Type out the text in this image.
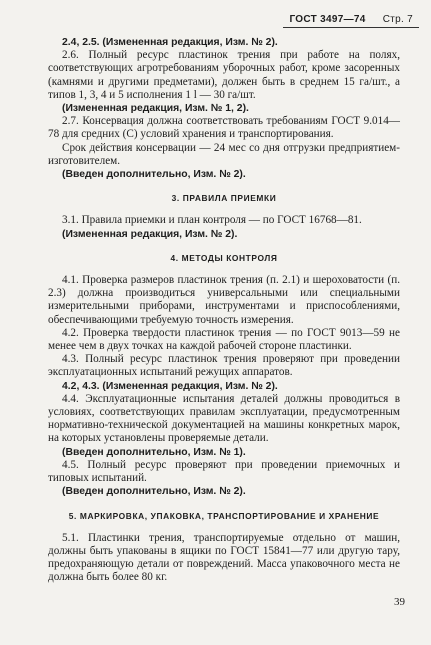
ГОСТ 3497—74 Стр. 7

2.4, 2.5. (Измененная редакция, Изм. № 2).

2.6. Полный ресурс пластинок трения при работе на полях, соответствующих агротребованиям уборочных работ, кроме засоренных (камнями и другими предметами), должен быть в среднем 15 га/шт., а типов 1, 3, 4 и 5 исполнения 1 l — 30 га/шт.

(Измененная редакция, Изм. № 1, 2).

2.7. Консервация должна соответствовать требованиям ГОСТ 9.014—78 для средних (С) условий хранения и транспортирования.

Срок действия консервации — 24 мес со дня отгрузки предприятием-изготовителем.

(Введен дополнительно, Изм. № 2).

3. ПРАВИЛА ПРИЕМКИ

3.1. Правила приемки и план контроля — по ГОСТ 16768—81.

(Измененная редакция, Изм. № 2).

4. МЕТОДЫ КОНТРОЛЯ

4.1. Проверка размеров пластинок трения (п. 2.1) и шероховатости (п. 2.3) должна производиться универсальными или специальными измерительными приборами, инструментами и приспособлениями, обеспечивающими требуемую точность измерения.

4.2. Проверка твердости пластинок трения — по ГОСТ 9013—59 не менее чем в двух точках на каждой рабочей стороне пластинки.

4.3. Полный ресурс пластинок трения проверяют при проведении эксплуатационных испытаний режущих аппаратов.

4.2, 4.3. (Измененная редакция, Изм. № 2).

4.4. Эксплуатационные испытания деталей должны проводиться в условиях, соответствующих правилам эксплуатации, предусмотренным нормативно-технической документацией на машины конкретных марок, на которых установлены проверяемые детали.

(Введен дополнительно, Изм. № 1).

4.5. Полный ресурс проверяют при проведении приемочных и типовых испытаний.

(Введен дополнительно, Изм. № 2).

5. МАРКИРОВКА, УПАКОВКА, ТРАНСПОРТИРОВАНИЕ И ХРАНЕНИЕ

5.1. Пластинки трения, транспортируемые отдельно от машин, должны быть упакованы в ящики по ГОСТ 15841—77 или другую тару, предохраняющую детали от повреждений. Масса упаковочного места не должна быть более 80 кг.

39
